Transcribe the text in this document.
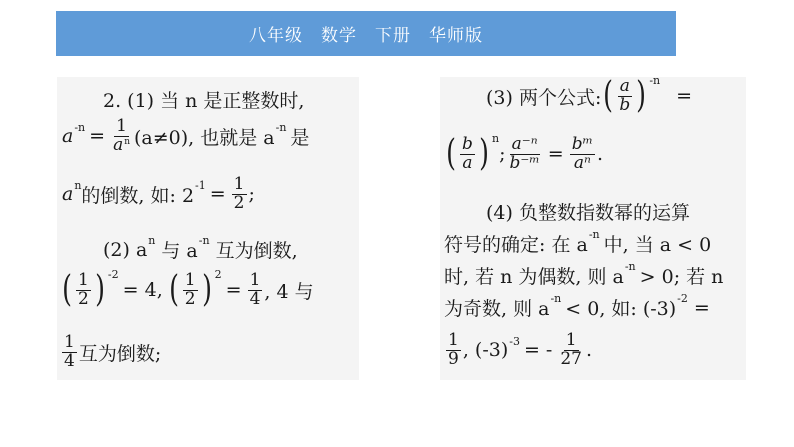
八年级　数学　下册　华师版
2. (1) 当 n 是正整数时,
a $-n = \frac{1}{a^n} (a\ne 0)$, 也就是 a -n 是
a n 的倒数, 如: 2 $-1 = \frac{1}{2}$ ;
(2) a n 与 a -n 互为倒数,
( $\frac{1}{2}$ ) -2
= 4, ( $\frac{1}{2}$ ) 2
= $\frac{1}{4}$ , 4 与
$\frac{1}{4}$ 互为倒数;
(3) 两个公式: ( $\frac{a}{b}$ ) -n
=
( $\frac{b}{a}$ ) n
; $\frac{\text{a⁻ⁿ}}{\text{b⁻ᵐ}} = \frac{\text{bᵐ}}{\text{aⁿ}}$ .
(4) 负整数指数幂的运算
符号的确定: 在 a -n 中, 当 a < 0
时, 若 n 为偶数, 则 a -n > 0; 若 n
为奇数, 则 a -n < 0, 如: (-3) -2 =
$\frac{1}{9}$ , (-3) -3 = - $\frac{1}{27}$ .
